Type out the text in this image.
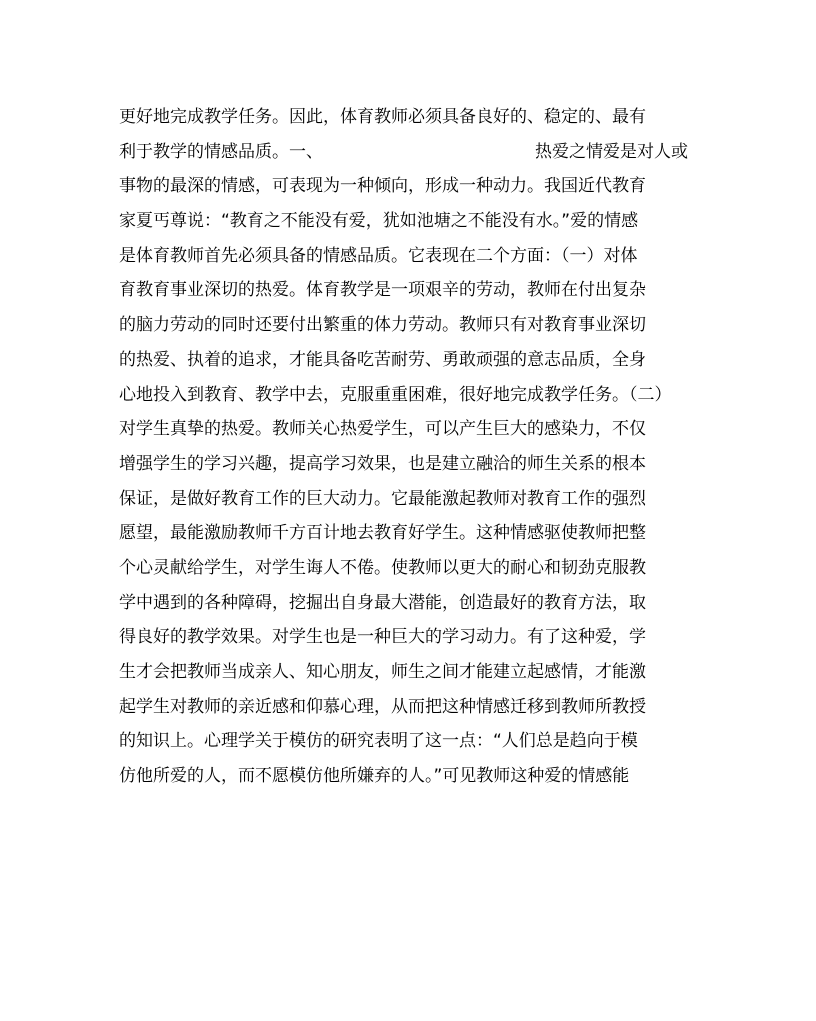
更好地完成教学任务。因此，体育教师必须具备良好的、稳定的、最有
利于教学的情感品质。一、	热爱之情爱是对人或
事物的最深的情感，可表现为一种倾向，形成一种动力。我国近代教育
家夏丐尊说：“教育之不能没有爱，犹如池塘之不能没有水。”爱的情感
是体育教师首先必须具备的情感品质。它表现在二个方面：（一）对体
育教育事业深切的热爱。体育教学是一项艰辛的劳动，教师在付出复杂
的脑力劳动的同时还要付出繁重的体力劳动。教师只有对教育事业深切
的热爱、执着的追求，才能具备吃苦耐劳、勇敢顽强的意志品质，全身
心地投入到教育、教学中去，克服重重困难，很好地完成教学任务。（二）
对学生真挚的热爱。教师关心热爱学生，可以产生巨大的感染力，不仅
增强学生的学习兴趣，提高学习效果，也是建立融洽的师生关系的根本
保证，是做好教育工作的巨大动力。它最能激起教师对教育工作的强烈
愿望，最能激励教师千方百计地去教育好学生。这种情感驱使教师把整
个心灵献给学生，对学生诲人不倦。使教师以更大的耐心和韧劲克服教
学中遇到的各种障碍，挖掘出自身最大潜能，创造最好的教育方法，取
得良好的教学效果。对学生也是一种巨大的学习动力。有了这种爱，学
生才会把教师当成亲人、知心朋友，师生之间才能建立起感情，才能激
起学生对教师的亲近感和仰慕心理，从而把这种情感迁移到教师所教授
的知识上。心理学关于模仿的研究表明了这一点：“人们总是趋向于模
仿他所爱的人，而不愿模仿他所嫌弃的人。”可见教师这种爱的情感能
